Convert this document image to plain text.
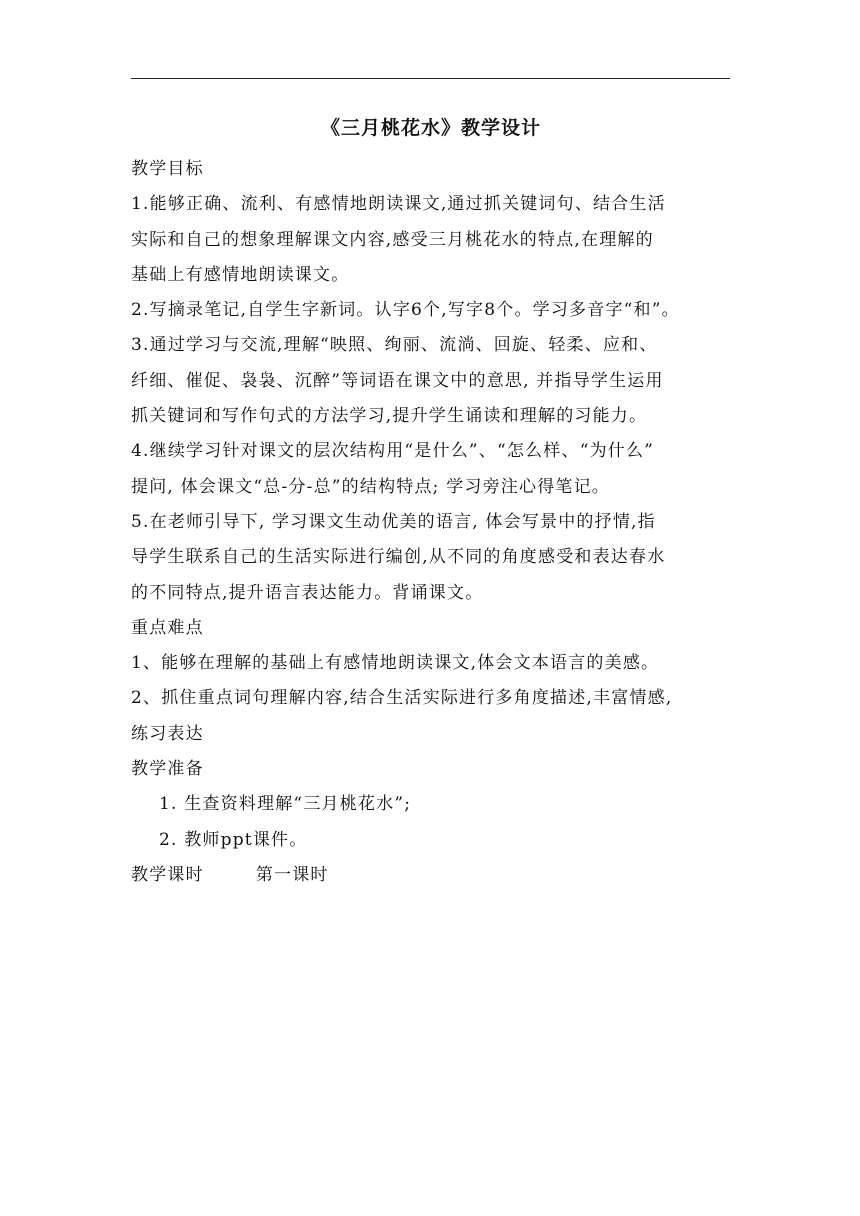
《三月桃花水》教学设计

教学目标

1.能够正确、流利、有感情地朗读课文,通过抓关键词句、结合生活

实际和自己的想象理解课文内容,感受三月桃花水的特点,在理解的

基础上有感情地朗读课文。

2.写摘录笔记,自学生字新词。认字6个,写字8个。学习多音字“和”。

3.通过学习与交流,理解“映照、绚丽、流淌、回旋、轻柔、应和、

纤细、催促、袅袅、沉醉”等词语在课文中的意思, 并指导学生运用

抓关键词和写作句式的方法学习,提升学生诵读和理解的习能力。

4.继续学习针对课文的层次结构用“是什么”、“怎么样、“为什么”

提问, 体会课文“总-分-总”的结构特点; 学习旁注心得笔记。

5.在老师引导下, 学习课文生动优美的语言, 体会写景中的抒情,指

导学生联系自己的生活实际进行编创,从不同的角度感受和表达春水

的不同特点,提升语言表达能力。背诵课文。

重点难点

1、能够在理解的基础上有感情地朗读课文,体会文本语言的美感。

2、抓住重点词句理解内容,结合生活实际进行多角度描述,丰富情感,

练习表达

教学准备

1. 生查资料理解“三月桃花水”;

2. 教师ppt课件。

教学课时	第一课时
